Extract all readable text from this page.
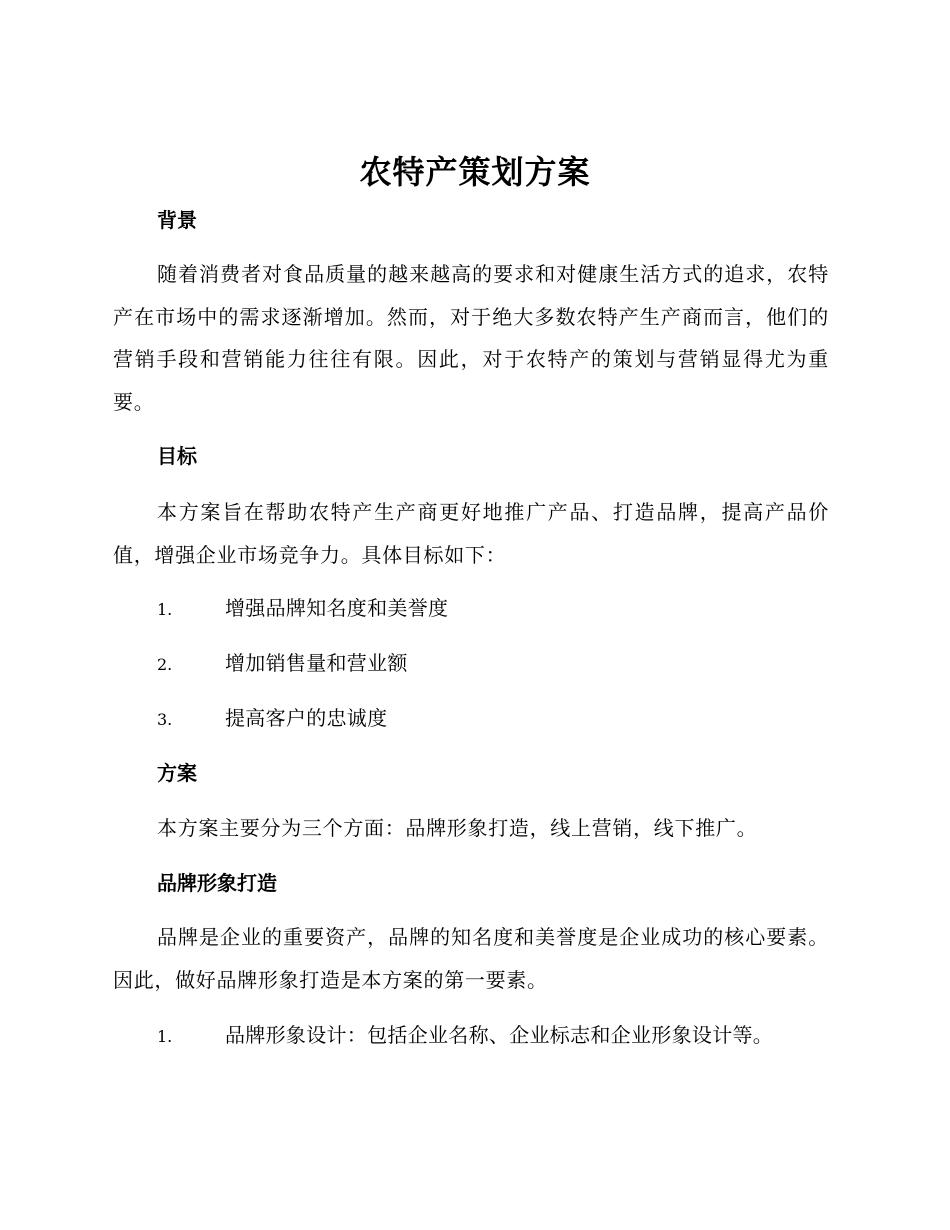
农特产策划方案
背景

随着消费者对食品质量的越来越高的要求和对健康生活方式的追求，农特产在市场中的需求逐渐增加。然而，对于绝大多数农特产生产商而言，他们的营销手段和营销能力往往有限。因此，对于农特产的策划与营销显得尤为重要。

目标

本方案旨在帮助农特产生产商更好地推广产品、打造品牌，提高产品价值，增强企业市场竞争力。具体目标如下：

1.	增强品牌知名度和美誉度
2.	增加销售量和营业额
3.	提高客户的忠诚度
方案

本方案主要分为三个方面：品牌形象打造，线上营销，线下推广。

品牌形象打造

品牌是企业的重要资产，品牌的知名度和美誉度是企业成功的核心要素。因此，做好品牌形象打造是本方案的第一要素。

1.	品牌形象设计：包括企业名称、企业标志和企业形象设计等。
